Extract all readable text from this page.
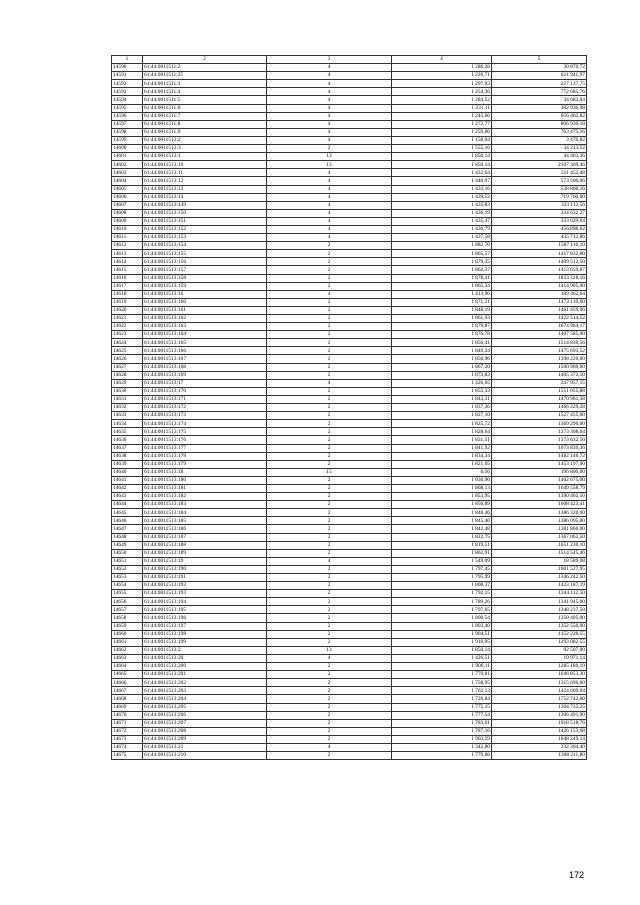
1	2	3	4	5
14590	61:44:0011511:2	4	1 286,28	30 870,72
14591	61:44:0011511:25	4	1 226,71	621 941,97
14592	61:44:0011511:3	4	1 297,93	227 137,75
14593	61:44:0011511:4	4	1 254,36	772 685,76
14594	61:44:0011511:5	4	1 284,52	34 682,04
14595	61:44:0011511:6	4	1 231,11	382 936,98
14596	61:44:0011511:7	4	1 245,66	656 462,82
14597	61:44:0011511:8	4	1 272,77	806 936,18
14598	61:44:0011511:9	4	1 259,86	763 475,16
14599	61:44:0011512:2	4	1 158,94	3 476,82
14600	61:44:0011512:3	2	1 555,16	34 213,52
14601	61:44:0011513:1	13	1 850,14	44 403,36
14602	61:44:0011513:10	13	1 850,14	2107 309,46
14603	61:44:0011513:11	4	1 432,64	511 452,48
14604	61:44:0011513:12	4	1 440,97	573 506,06
14605	61:44:0011513:13	4	1 433,16	538 868,16
14606	61:44:0011513:14	4	1 439,52	719 760,00
14607	61:44:0011513:149	4	1 435,83	333 112,56
14608	61:44:0011513:150	4	1 436,19	334 632,27
14609	61:44:0011513:151	4	1 435,47	333 029,04
14610	61:44:0011513:152	4	1 436,79	456 898,62
14611	61:44:0011513:153	4	1 437,58	435 712,86
14612	61:44:0011513:154	2	1 882,70	1587 116,10
14613	61:44:0011513:155	2	1 865,57	1417 832,80
14614	61:44:0011513:156	2	1 879,35	1409 512,50
14615	61:44:0011513:157	2	1 862,37	1413 659,87
14616	61:44:0011513:158	2	1 878,41	1833 328,16
14617	61:44:0011513:159	2	1 865,34	1414 905,00
14618	61:44:0011513:16	4	1 413,96	189 462,64
14619	61:44:0011513:160	2	1 871,21	1472 119,60
14620	61:44:0011513:161	2	1 848,19	1461 459,06
14621	61:44:0011513:162	2	1 861,93	1422 514,52
14622	61:44:0011513:163	2	1 879,87	1674 964,17
14623	61:44:0011513:164	2	1 876,78	1407 585,00
14624	61:44:0011513:165	2	1 856,41	1514 830,56
14625	61:44:0011513:166	2	1 849,24	1475 693,52
14626	61:44:0011513:167	2	1 850,96	1398 220,00
14627	61:44:0011513:168	2	1 867,20	1500 900,60
14628	61:44:0011513:169	2	1 873,83	1405 372,50
14629	61:44:0011513:17	4	1 426,65	247 957,15
14630	61:44:0011513:170	2	1 855,33	1551 055,88
14631	61:44:0011513:171	2	1 843,31	1470 961,38
14632	61:44:0011513:172	2	1 837,36	1466 229,28
14633	61:44:0011513:173	2	1 827,10	1527 455,60
14634	61:44:0011513:174	2	1 825,72	1369 290,00
14635	61:44:0011513:175	2	1 828,64	1373 308,64
14636	61:44:0011513:176	2	1 831,51	1373 632,50
14637	61:44:0011513:177	2	1 841,92	1073 839,36
14638	61:44:0011513:178	2	1 834,34	1482 146,72
14639	61:44:0011513:179	2	1 821,05	1453 197,90
14640	61:44:0011513:18	15	6,56	196 800,00
14641	61:44:0011513:180	2	1 836,90	1402 675,00
14642	61:44:0011513:181	2	1 868,13	1649 558,79
14643	61:44:0011513:182	2	1 853,95	1390 462,50
14644	61:44:0011513:183	2	1 856,89	1608 423,41
14645	61:44:0011513:184	2	1 848,46	1386 320,00
14646	61:44:0011513:185	2	1 845,46	1386 095,00
14647	61:44:0011513:186	2	1 842,48	1381 860,00
14648	61:44:0011513:187	2	1 822,75	1367 062,50
14649	61:44:0011513:188	2	1 819,51	1651 230,10
14650	61:44:0011513:189	2	1 862,91	1514 545,46
14651	61:44:0011513:19	4	1 549,09	18 589,08
14652	61:44:0011513:190	2	1 797,45	1601 527,95
14653	61:44:0011513:191	2	1 795,99	1346 242,50
14654	61:44:0011513:192	2	1 808,37	1423 187,19
14655	61:44:0011513:193	2	1 792,15	1344 112,50
14656	61:44:0011513:194	2	1 789,26	1341 945,00
14657	61:44:0011513:195	2	1 797,65	1348 237,50
14658	61:44:0011513:196	2	1 800,54	1350 405,00
14659	61:44:0011513:197	2	1 803,40	1352 550,00
14660	61:44:0011513:198	2	1 904,51	1152 228,55
14661	61:44:0011513:199	2	1 910,95	1293 082,55
14662	61:44:0011513:2	13	1 850,14	92 507,00
14663	61:44:0011513:20	4	1 426,51	19 971,14
14664	61:44:0011513:200	2	1 900,11	1285 180,19
14665	61:44:0011513:201	2	1 770,81	1646 853,30
14666	61:44:0011513:202	2	1 758,95	1315 696,60
14667	61:44:0011513:203	2	1 763,13	1424 609,04
14668	61:44:0011513:204	2	1 726,84	1752 742,60
14669	61:44:0011513:205	2	1 775,15	1304 735,25
14670	61:44:0011513:206	2	1 777,54	1306 491,90
14671	61:44:0011513:207	2	1 783,01	1918 518,76
14672	61:44:0011513:208	2	1 787,16	1426 153,68
14673	61:44:0011513:209	2	1 903,29	1648 249,14
14674	61:44:0011513:21	4	1 342,80	232 304,40
14675	61:44:0011513:210	2	1 779,88	1308 211,80
172
